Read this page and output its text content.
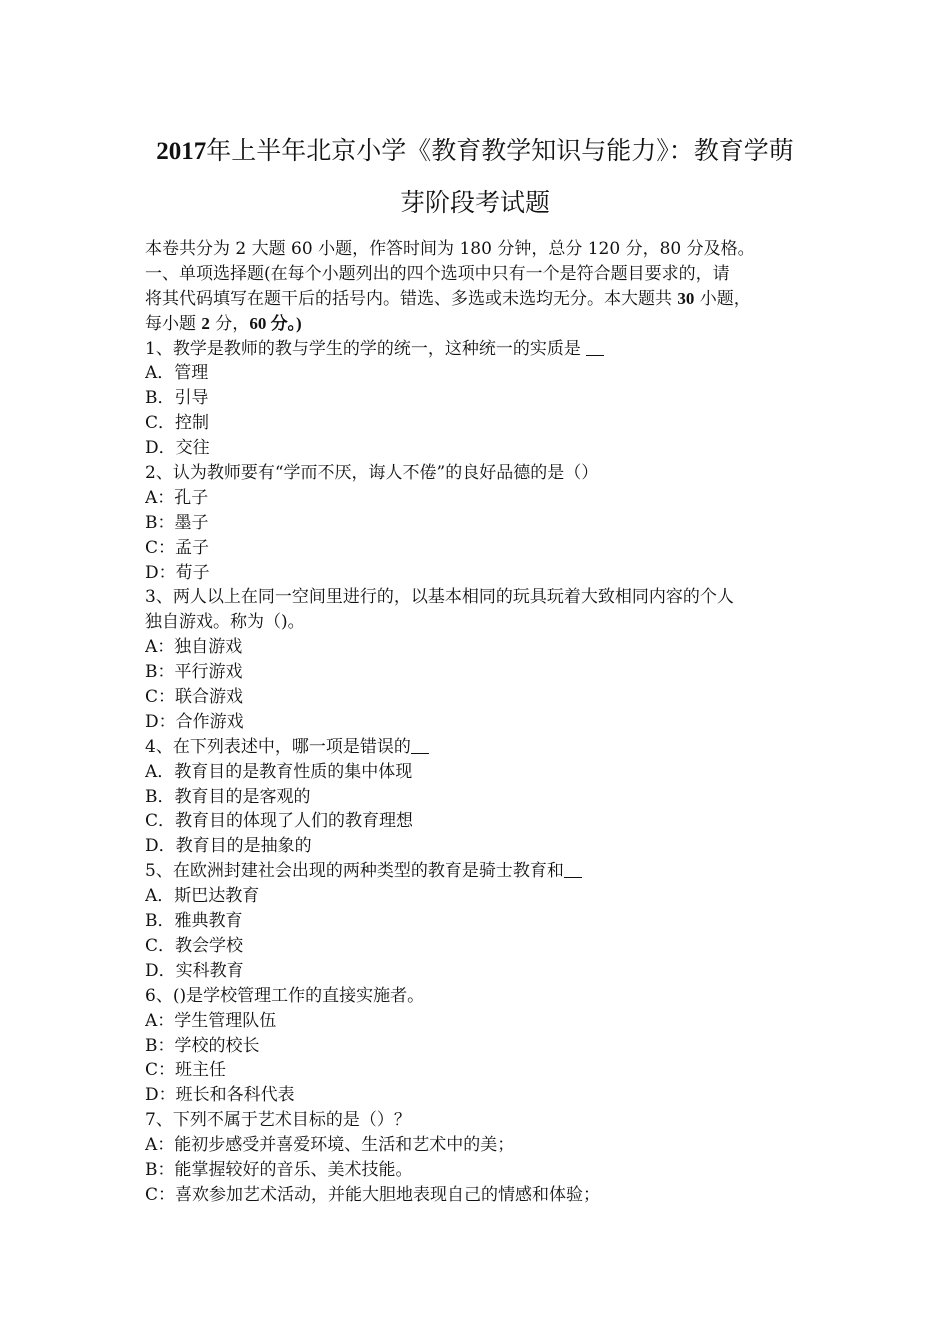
2017年上半年北京小学《教育教学知识与能力》：教育学萌
芽阶段考试题
本卷共分为 2 大题 60 小题，作答时间为 180 分钟，总分 120 分，80 分及格。
一、单项选择题(在每个小题列出的四个选项中只有一个是符合题目要求的，请
将其代码填写在题干后的括号内。错选、多选或未选均无分。本大题共 30 小题，
每小题 2 分，60 分。)
1、教学是教师的教与学生的学的统一，这种统一的实质是
A．管理
B．引导
C．控制
D．交往
2、认为教师要有“学而不厌，诲人不倦”的良好品德的是（）
A：孔子
B：墨子
C：孟子
D：荀子
3、两人以上在同一空间里进行的，以基本相同的玩具玩着大致相同内容的个人
独自游戏。称为（)。
A：独自游戏
B：平行游戏
C：联合游戏
D：合作游戏
4、在下列表述中，哪一项是错误的
A．教育目的是教育性质的集中体现
B．教育目的是客观的
C．教育目的体现了人们的教育理想
D．教育目的是抽象的
5、在欧洲封建社会出现的两种类型的教育是骑士教育和
A．斯巴达教育
B．雅典教育
C．教会学校
D．实科教育
6、()是学校管理工作的直接实施者。
A：学生管理队伍
B：学校的校长
C：班主任
D：班长和各科代表
7、下列不属于艺术目标的是（）？
A：能初步感受并喜爱环境、生活和艺术中的美；
B：能掌握较好的音乐、美术技能。
C：喜欢参加艺术活动，并能大胆地表现自己的情感和体验；
